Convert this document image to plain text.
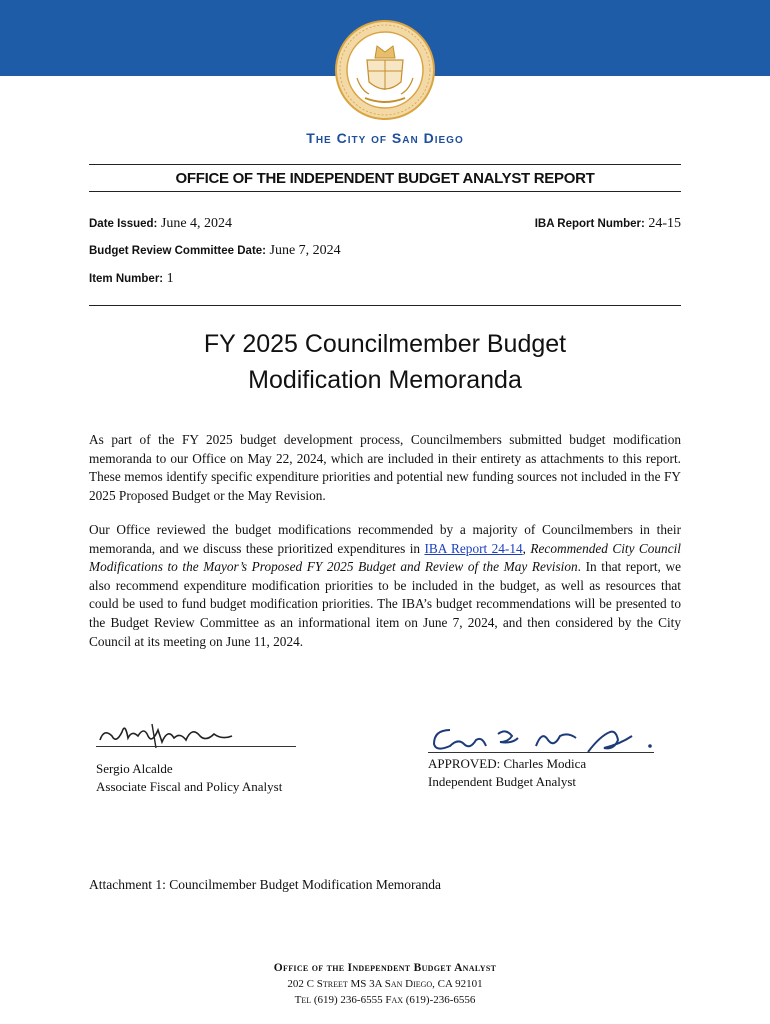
The City of San Diego
OFFICE OF THE INDEPENDENT BUDGET ANALYST REPORT
Date Issued: June 4, 2024	IBA Report Number: 24-15
Budget Review Committee Date: June 7, 2024
Item Number: 1
FY 2025 Councilmember Budget
Modification Memoranda
As part of the FY 2025 budget development process, Councilmembers submitted budget modification memoranda to our Office on May 22, 2024, which are included in their entirety as attachments to this report. These memos identify specific expenditure priorities and potential new funding sources not included in the FY 2025 Proposed Budget or the May Revision.
Our Office reviewed the budget modifications recommended by a majority of Councilmembers in their memoranda, and we discuss these prioritized expenditures in IBA Report 24-14, Recommended City Council Modifications to the Mayor’s Proposed FY 2025 Budget and Review of the May Revision. In that report, we also recommend expenditure modification priorities to be included in the budget, as well as resources that could be used to fund budget modification priorities. The IBA’s budget recommendations will be presented to the Budget Review Committee as an informational item on June 7, 2024, and then considered by the City Council at its meeting on June 11, 2024.
Sergio Alcalde
Associate Fiscal and Policy Analyst
APPROVED: Charles Modica
Independent Budget Analyst
Attachment 1: Councilmember Budget Modification Memoranda
Office of the Independent Budget Analyst
202 C Street MS 3A San Diego, CA 92101
Tel (619) 236-6555 Fax (619)-236-6556
